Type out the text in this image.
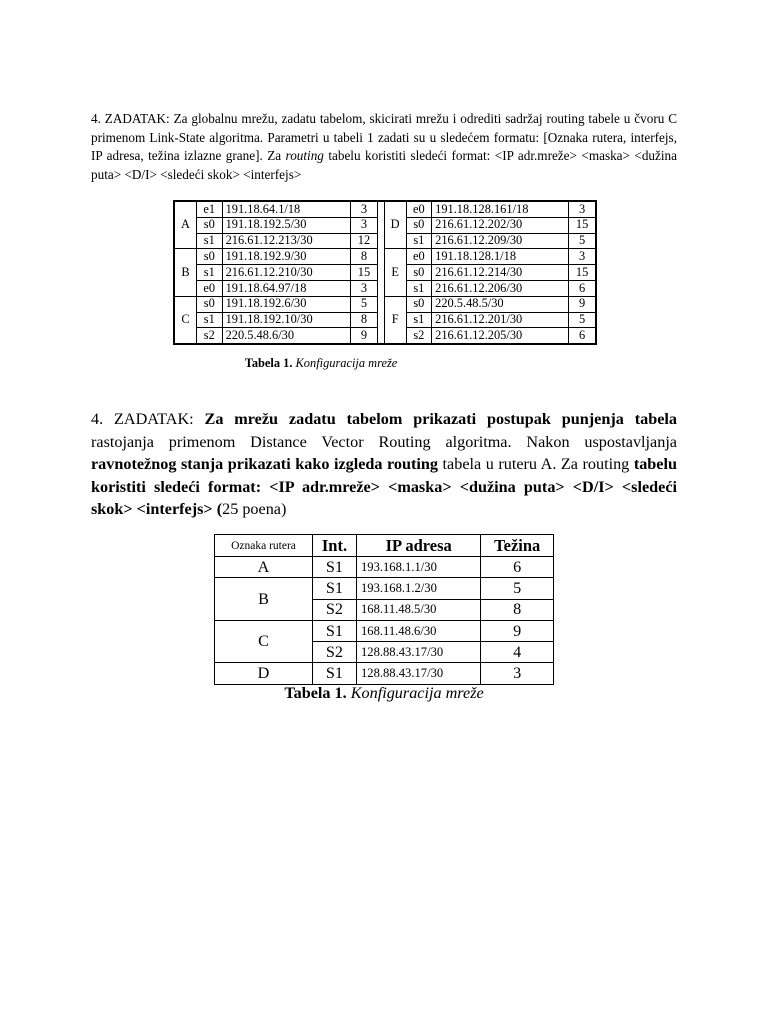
4. ZADATAK: Za globalnu mrežu, zadatu tabelom, skicirati mrežu i odrediti sadržaj routing tabele u čvoru C primenom Link-State algoritma. Parametri u tabeli 1 zadati su u sledećem formatu: [Oznaka rutera, interfejs, IP adresa, težina izlazne grane]. Za routing tabelu koristiti sledeći format: <IP adr.mreže> <maska> <dužina puta> <D/I> <sledeći skok> <interfejs>
A	e1	191.18.64.1/18	3		D	e0	191.18.128.161/18	3
	s0	191.18.192.5/30	3			s0	216.61.12.202/30	15
	s1	216.61.12.213/30	12			s1	216.61.12.209/30	5
B	s0	191.18.192.9/30	8		E	e0	191.18.128.1/18	3
	s1	216.61.12.210/30	15			s0	216.61.12.214/30	15
	e0	191.18.64.97/18	3			s1	216.61.12.206/30	6
C	s0	191.18.192.6/30	5		F	s0	220.5.48.5/30	9
	s1	191.18.192.10/30	8			s1	216.61.12.201/30	5
	s2	220.5.48.6/30	9			s2	216.61.12.205/30	6
Tabela 1. Konfiguracija mreže
4. ZADATAK: Za mrežu zadatu tabelom prikazati postupak punjenja tabela rastojanja primenom Distance Vector Routing algoritma. Nakon uspostavljanja ravnotežnog stanja prikazati kako izgleda routing tabela u ruteru A. Za routing tabelu koristiti sledeći format: <IP adr.mreže> <maska> <dužina puta> <D/I> <sledeći skok> <interfejs> (25 poena)
Oznaka rutera	Int.	IP adresa	Težina
A	S1	193.168.1.1/30	6
B	S1	193.168.1.2/30	5
	S2	168.11.48.5/30	8
C	S1	168.11.48.6/30	9
	S2	128.88.43.17/30	4
D	S1	128.88.43.17/30	3
Tabela 1. Konfiguracija mreže
